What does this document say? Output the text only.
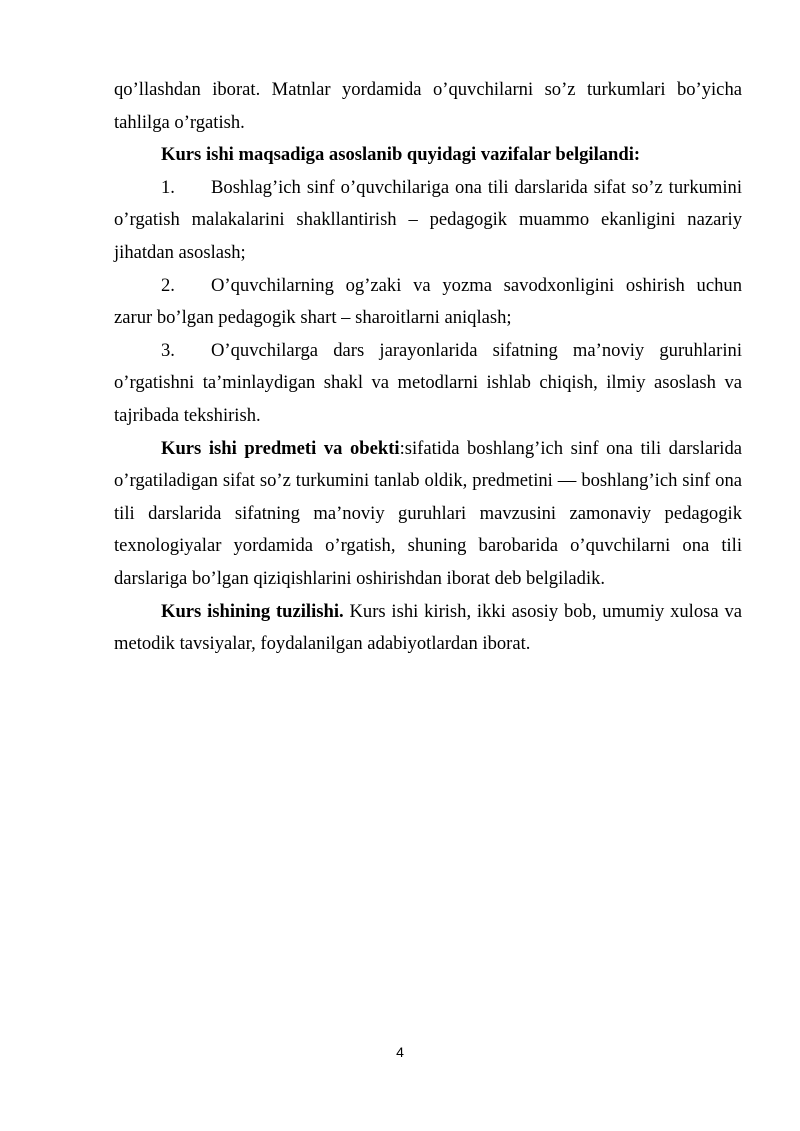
qo’llashdan iborat. Matnlar yordamida o’quvchilarni so’z turkumlari bo’yicha tahlilga o’rgatish.

Kurs ishi maqsadiga asoslanib quyidagi vazifalar belgilandi:

1. Boshlag’ich sinf o’quvchilariga ona tili darslarida sifat so’z turkumini o’rgatish malakalarini shakllantirish – pedagogik muammo ekanligini nazariy jihatdan asoslash;

2. O’quvchilarning og’zaki va yozma savodxonligini oshirish uchun zarur bo’lgan pedagogik shart – sharoitlarni aniqlash;

3. O’quvchilarga dars jarayonlarida sifatning ma’noviy guruhlarini o’rgatishni ta’minlaydigan shakl va metodlarni ishlab chiqish, ilmiy asoslash va tajribada tekshirish.

Kurs ishi predmeti va obekti:sifatida boshlang’ich sinf ona tili darslarida o’rgatiladigan sifat so’z turkumini tanlab oldik, predmetini — boshlang’ich sinf ona tili darslarida sifatning ma’noviy guruhlari mavzusini zamonaviy pedagogik texnologiyalar yordamida o’rgatish, shuning barobarida o’quvchilarni ona tili darslariga bo’lgan qiziqishlarini oshirishdan iborat deb belgiladik.

Kurs ishining tuzilishi. Kurs ishi kirish, ikki asosiy bob, umumiy xulosa va metodik tavsiyalar, foydalanilgan adabiyotlardan iborat.

4
